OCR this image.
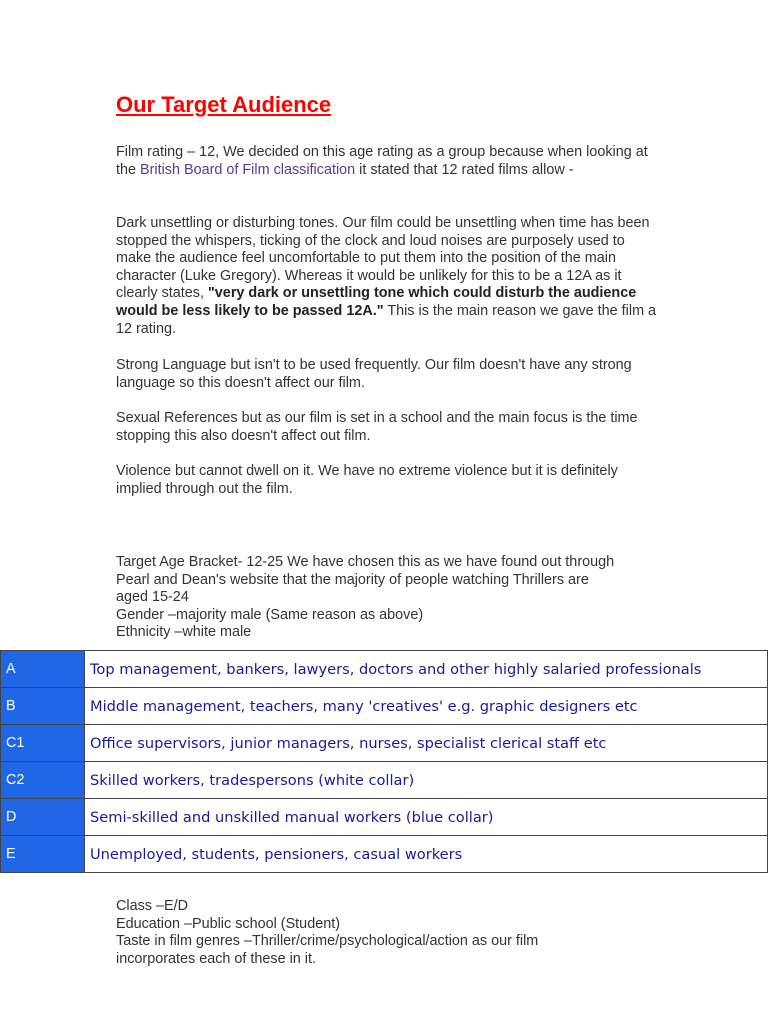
Our Target Audience

Film rating – 12, We decided on this age rating as a group because when looking at the British Board of Film classification it stated that 12 rated films allow -

Dark unsettling or disturbing tones. Our film could be unsettling when time has been stopped the whispers, ticking of the clock and loud noises are purposely used to make the audience feel uncomfortable to put them into the position of the main character (Luke Gregory). Whereas it would be unlikely for this to be a 12A as it clearly states, "very dark or unsettling tone which could disturb the audience would be less likely to be passed 12A." This is the main reason we gave the film a 12 rating.

Strong Language but isn't to be used frequently. Our film doesn't have any strong language so this doesn't affect our film.

Sexual References but as our film is set in a school and the main focus is the time stopping this also doesn't affect out film.

Violence but cannot dwell on it. We have no extreme violence but it is definitely implied through out the film.

Target Age Bracket- 12-25 We have chosen this as we have found out through Pearl and Dean's website that the majority of people watching Thrillers are aged 15-24
Gender –majority male (Same reason as above)
Ethnicity –white male

A	Top management, bankers, lawyers, doctors and other highly salaried professionals
B	Middle management, teachers, many 'creatives' e.g. graphic designers etc
C1	Office supervisors, junior managers, nurses, specialist clerical staff etc
C2	Skilled workers, tradespersons (white collar)
D	Semi-skilled and unskilled manual workers (blue collar)
E	Unemployed, students, pensioners, casual workers

Class –E/D
Education –Public school (Student)
Taste in film genres –Thriller/crime/psychological/action as our film incorporates each of these in it.
